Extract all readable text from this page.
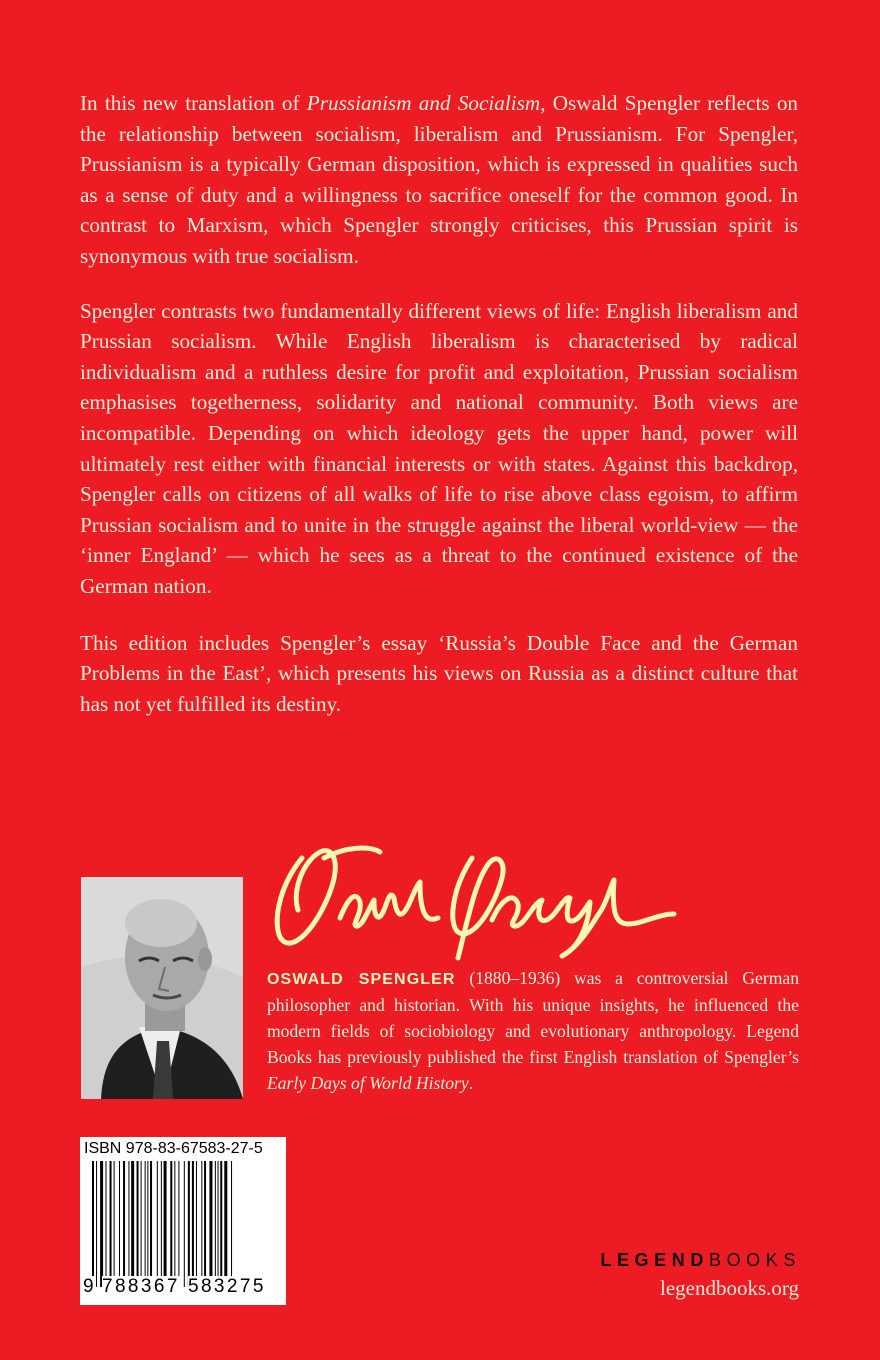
In this new translation of Prussianism and Socialism, Oswald Spengler reflects on the relationship between socialism, liberalism and Prussianism. For Spengler, Prussianism is a typically German disposition, which is expressed in qualities such as a sense of duty and a willingness to sacrifice oneself for the common good. In contrast to Marxism, which Spengler strongly criticises, this Prussian spirit is synonymous with true socialism.

Spengler contrasts two fundamentally different views of life: English liberalism and Prussian socialism. While English liberalism is characterised by radical individualism and a ruthless desire for profit and exploitation, Prussian socialism emphasises togetherness, solidarity and national community. Both views are incompatible. Depending on which ideology gets the upper hand, power will ultimately rest either with financial interests or with states. Against this backdrop, Spengler calls on citizens of all walks of life to rise above class egoism, to affirm Prussian socialism and to unite in the struggle against the liberal world-view — the ‘inner England’ — which he sees as a threat to the continued existence of the German nation.

This edition includes Spengler’s essay ‘Russia’s Double Face and the German Problems in the East’, which presents his views on Russia as a distinct culture that has not yet fulfilled its destiny.

OSWALD SPENGLER (1880–1936) was a controversial German philosopher and historian. With his unique insights, he influenced the modern fields of sociobiology and evolutionary anthropology. Legend Books has previously published the first English translation of Spengler’s Early Days of World History.

ISBN 978-83-67583-27-5
9 788367 583275
LEGENDBOOKS
legendbooks.org
